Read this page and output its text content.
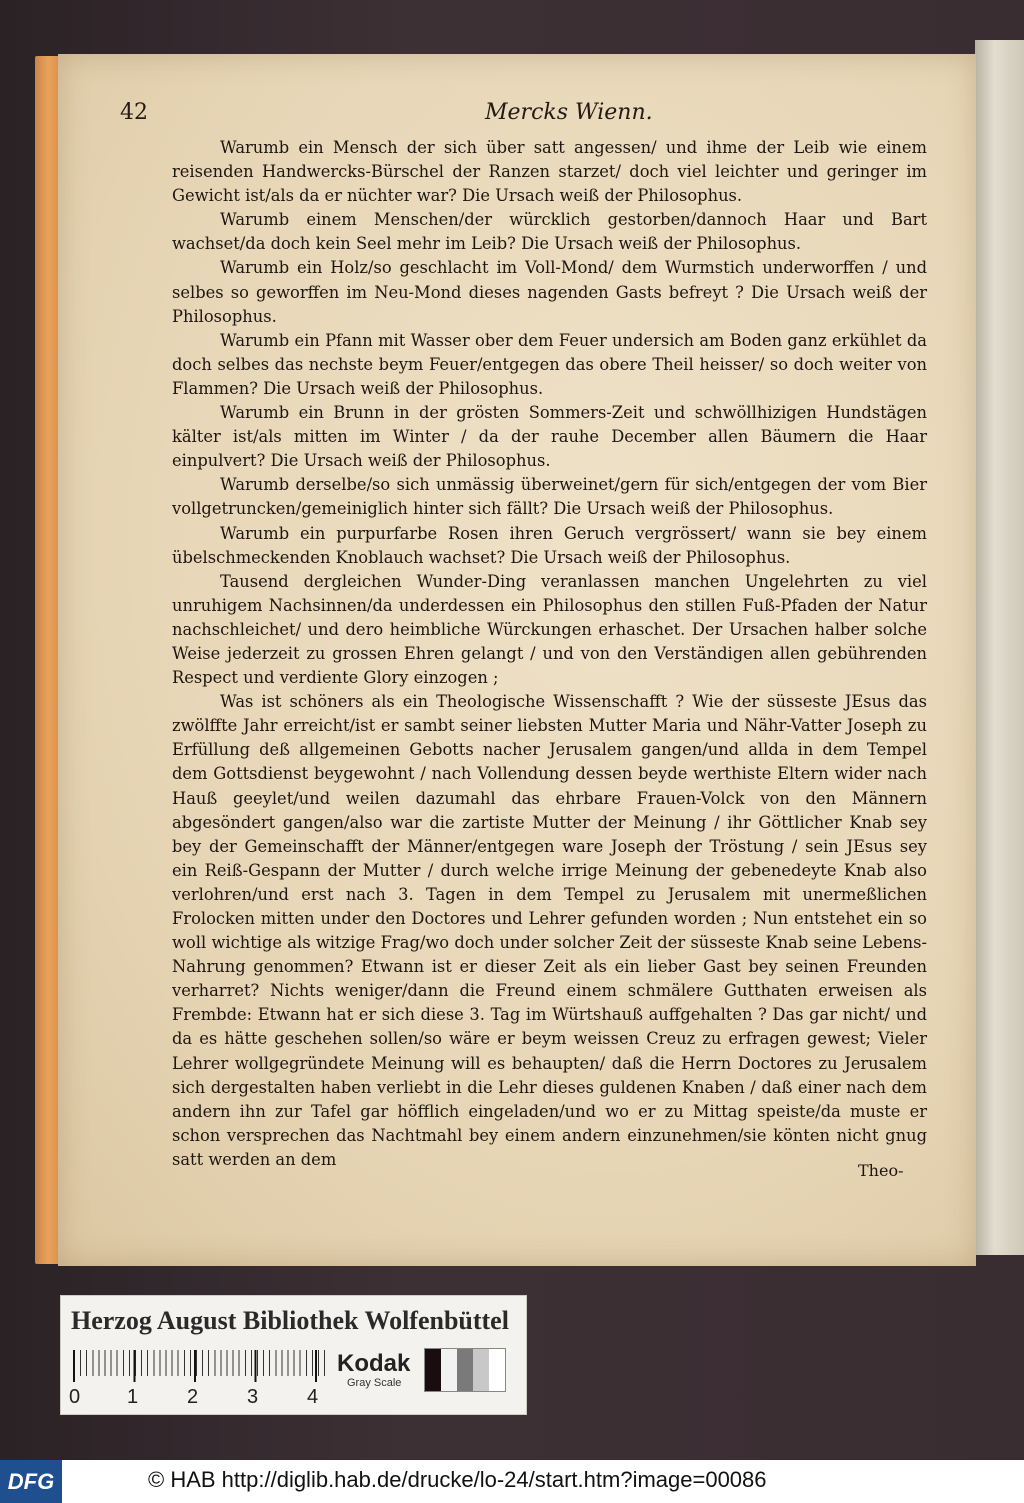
42	Mercks Wienn.

Warumb ein Mensch der sich über satt angessen/ und ihme der Leib wie einem reisenden Handwercks-Bürschel der Ranzen starzet/ doch viel leichter und geringer im Gewicht ist/als da er nüchter war? Die Ursach weiß der Philosophus.

Warumb einem Menschen/der würcklich gestorben/dannoch Haar und Bart wachset/da doch kein Seel mehr im Leib? Die Ursach weiß der Philosophus.

Warumb ein Holz/so geschlacht im Voll-Mond/ dem Wurmstich underworffen / und selbes so geworffen im Neu-Mond dieses nagenden Gasts befreyt ? Die Ursach weiß der Philosophus.

Warumb ein Pfann mit Wasser ober dem Feuer undersich am Boden ganz erkühlet da doch selbes das nechste beym Feuer/entgegen das obere Theil heisser/ so doch weiter von Flammen? Die Ursach weiß der Philosophus.

Warumb ein Brunn in der grösten Sommers-Zeit und schwöllhizigen Hundstägen kälter ist/als mitten im Winter / da der rauhe December allen Bäumern die Haar einpulvert? Die Ursach weiß der Philosophus.

Warumb derselbe/so sich unmässig überweinet/gern für sich/entgegen der vom Bier vollgetruncken/gemeiniglich hinter sich fällt? Die Ursach weiß der Philosophus.

Warumb ein purpurfarbe Rosen ihren Geruch vergrössert/ wann sie bey einem übelschmeckenden Knoblauch wachset? Die Ursach weiß der Philosophus.

Tausend dergleichen Wunder-Ding veranlassen manchen Ungelehrten zu viel unruhigem Nachsinnen/da underdessen ein Philosophus den stillen Fuß-Pfaden der Natur nachschleichet/ und dero heimbliche Würckungen erhaschet. Der Ursachen halber solche Weise jederzeit zu grossen Ehren gelangt / und von den Verständigen allen gebührenden Respect und verdiente Glory einzogen ;

Was ist schöners als ein Theologische Wissenschafft ? Wie der süsseste JEsus das zwölffte Jahr erreicht/ist er sambt seiner liebsten Mutter Maria und Nähr-Vatter Joseph zu Erfüllung deß allgemeinen Gebotts nacher Jerusalem gangen/und allda in dem Tempel dem Gottsdienst beygewohnt / nach Vollendung dessen beyde werthiste Eltern wider nach Hauß geeylet/und weilen dazumahl das ehrbare Frauen-Volck von den Männern abgesöndert gangen/also war die zartiste Mutter der Meinung / ihr Göttlicher Knab sey bey der Gemeinschafft der Männer/entgegen ware Joseph der Tröstung / sein JEsus sey ein Reiß-Gespann der Mutter / durch welche irrige Meinung der gebenedeyte Knab also verlohren/und erst nach 3. Tagen in dem Tempel zu Jerusalem mit unermeßlichen Frolocken mitten under den Doctores und Lehrer gefunden worden ; Nun entstehet ein so woll wichtige als witzige Frag/wo doch under solcher Zeit der süsseste Knab seine Lebens-Nahrung genommen? Etwann ist er dieser Zeit als ein lieber Gast bey seinen Freunden verharret? Nichts weniger/dann die Freund einem schmälere Gutthaten erweisen als Frembde: Etwann hat er sich diese 3. Tag im Würtshauß auffgehalten ? Das gar nicht/ und da es hätte geschehen sollen/so wäre er beym weissen Creuz zu erfragen gewest; Vieler Lehrer wollgegründete Meinung will es behaupten/ daß die Herrn Doctores zu Jerusalem sich dergestalten haben verliebt in die Lehr dieses guldenen Knaben / daß einer nach dem andern ihn zur Tafel gar höfflich eingeladen/und wo er zu Mittag speiste/da muste er schon versprechen das Nachtmahl bey einem andern einzunehmen/sie könten nicht gnug satt werden an dem

Theo-
Herzog August Bibliothek Wolfenbüttel
0 1 2 3 4
Kodak
Gray Scale
DFG	© HAB http://diglib.hab.de/drucke/lo-24/start.htm?image=00086
